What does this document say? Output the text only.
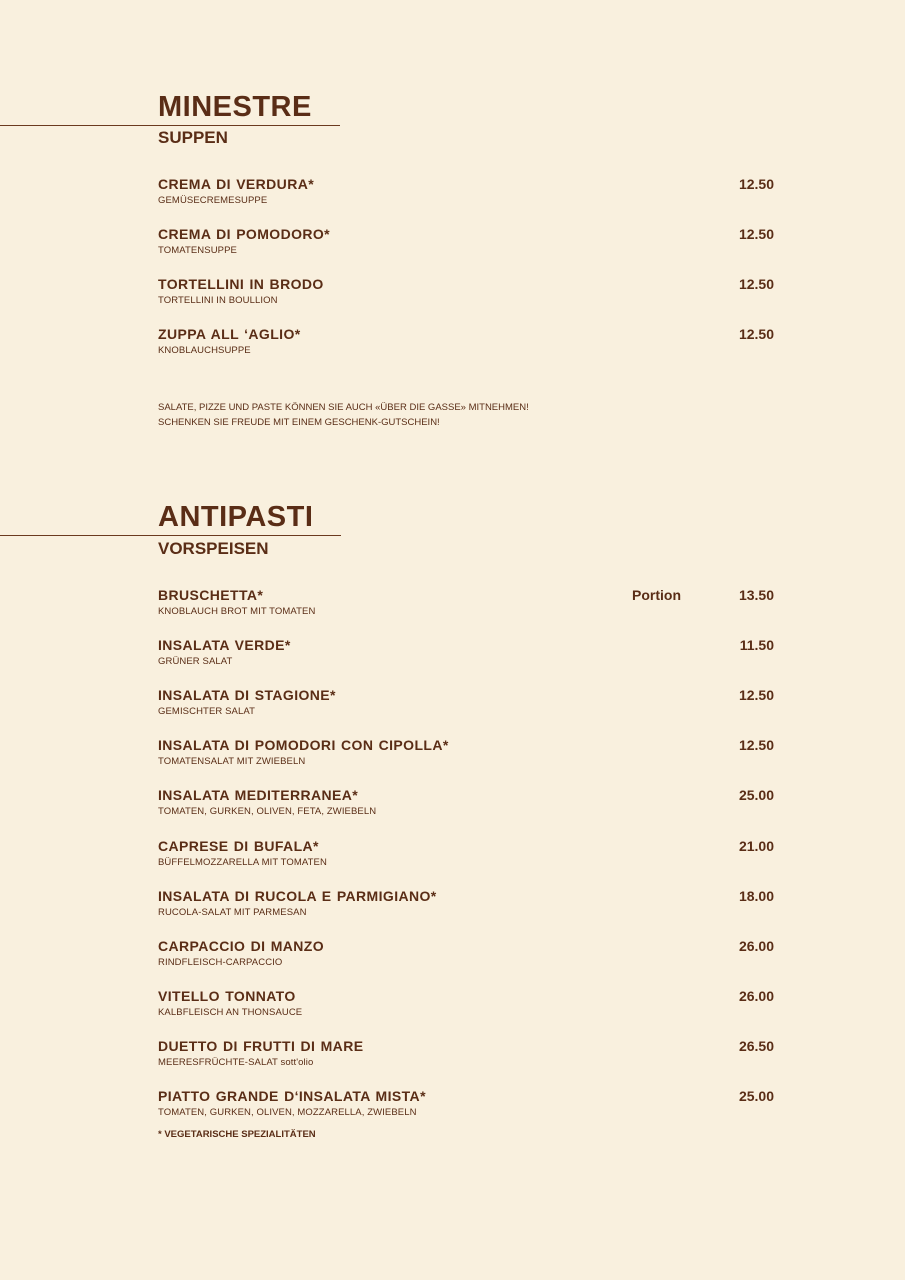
MINESTRE
SUPPEN
CREMA DI VERDURA*
GEMÜSECREMESUPPE
12.50
CREMA DI POMODORO*
TOMATENSUPPE
12.50
TORTELLINI IN BRODO
TORTELLINI IN BOULLION
12.50
ZUPPA ALL ‘AGLIO*
KNOBLAUCHSUPPE
12.50
SALATE, PIZZE UND PASTE KÖNNEN SIE AUCH «ÜBER DIE GASSE» MITNEHMEN!
SCHENKEN SIE FREUDE MIT EINEM GESCHENK-GUTSCHEIN!
ANTIPASTI
VORSPEISEN
BRUSCHETTA*
KNOBLAUCH BROT MIT TOMATEN
Portion	13.50
INSALATA VERDE*
GRÜNER SALAT
11.50
INSALATA DI STAGIONE*
GEMISCHTER SALAT
12.50
INSALATA DI POMODORI CON CIPOLLA*
TOMATENSALAT MIT ZWIEBELN
12.50
INSALATA MEDITERRANEA*
TOMATEN, GURKEN, OLIVEN, FETA, ZWIEBELN
25.00
CAPRESE DI BUFALA*
BÜFFELMOZZARELLA MIT TOMATEN
21.00
INSALATA DI RUCOLA E PARMIGIANO*
RUCOLA-SALAT MIT PARMESAN
18.00
CARPACCIO DI MANZO
RINDFLEISCH-CARPACCIO
26.00
VITELLO TONNATO
KALBFLEISCH AN THONSAUCE
26.00
DUETTO DI FRUTTI DI MARE
MEERESFRÜCHTE-SALAT sott'olio
26.50
PIATTO GRANDE D‘INSALATA MISTA*
TOMATEN, GURKEN, OLIVEN, MOZZARELLA, ZWIEBELN
25.00
* VEGETARISCHE SPEZIALITÄTEN
